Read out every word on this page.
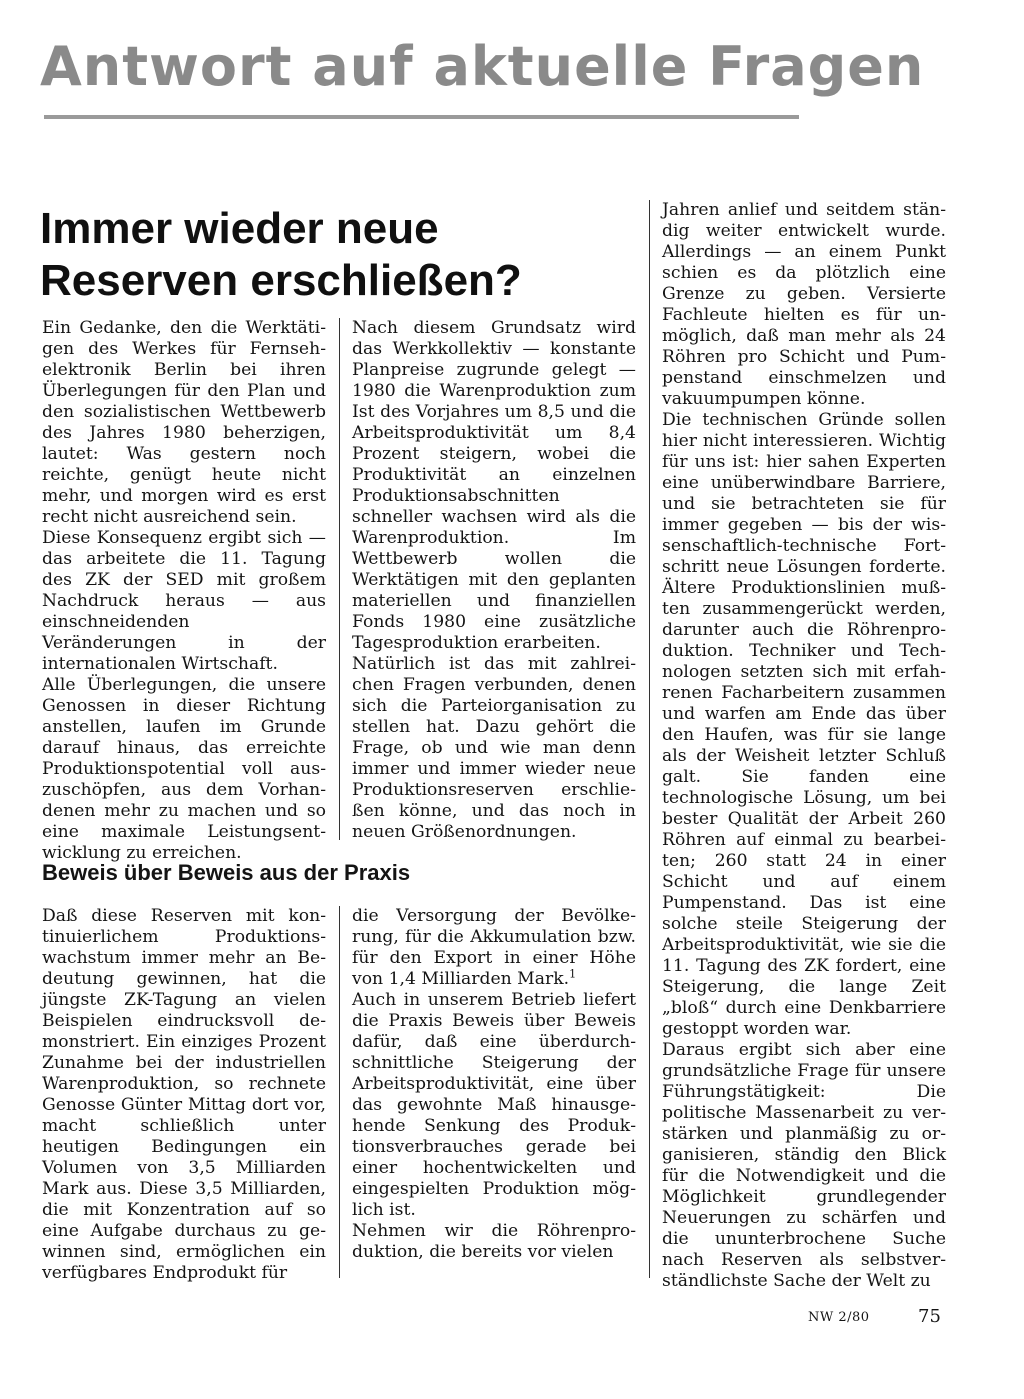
Antwort auf aktuelle Fragen
Immer wieder neue
Reserven erschließen?

Ein Gedanke, den die Werktätigen des Werkes für Fernsehelektronik Berlin bei ihren Überlegungen für den Plan und den sozialistischen Wettbewerb des Jahres 1980 beherzigen, lautet: Was gestern noch reichte, genügt heute nicht mehr, und morgen wird es erst recht nicht ausreichend sein.

Diese Konsequenz ergibt sich — das arbeitete die 11. Tagung des ZK der SED mit großem Nachdruck heraus — aus einschneidenden Veränderungen in der internationalen Wirtschaft.

Alle Überlegungen, die unsere Genossen in dieser Richtung anstellen, laufen im Grunde darauf hinaus, das erreichte Produktionspotential voll auszuschöpfen, aus dem Vorhandenen mehr zu machen und so eine maximale Leistungsentwicklung zu erreichen.

Nach diesem Grundsatz wird das Werkkollektiv — konstante Planpreise zugrunde gelegt — 1980 die Warenproduktion zum Ist des Vorjahres um 8,5 und die Arbeitsproduktivität um 8,4 Prozent steigern, wobei die Produktivität an einzelnen Produktionsabschnitten schneller wachsen wird als die Warenproduktion. Im Wettbewerb wollen die Werktätigen mit den geplanten materiellen und finanziellen Fonds 1980 eine zusätzliche Tagesproduktion erarbeiten.

Natürlich ist das mit zahlreichen Fragen verbunden, denen sich die Parteiorganisation zu stellen hat. Dazu gehört die Frage, ob und wie man denn immer und immer wieder neue Produktionsreserven erschließen könne, und das noch in neuen Größenordnungen.

Beweis über Beweis aus der Praxis

Daß diese Reserven mit kontinuierlichem Produktionswachstum immer mehr an Bedeutung gewinnen, hat die jüngste ZK-Tagung an vielen Beispielen eindrucksvoll demonstriert. Ein einziges Prozent Zunahme bei der industriellen Warenproduktion, so rechnete Genosse Günter Mittag dort vor, macht schließlich unter heutigen Bedingungen ein Volumen von 3,5 Milliarden Mark aus. Diese 3,5 Milliarden, die mit Konzentration auf so eine Aufgabe durchaus zu gewinnen sind, ermöglichen ein verfügbares Endprodukt für

die Versorgung der Bevölkerung, für die Akkumulation bzw. für den Export in einer Höhe von 1,4 Milliarden Mark.$^1$

Auch in unserem Betrieb liefert die Praxis Beweis über Beweis dafür, daß eine überdurchschnittliche Steigerung der Arbeitsproduktivität, eine über das gewohnte Maß hinausgehende Senkung des Produktionsverbrauches gerade bei einer hochentwickelten und eingespielten Produktion möglich ist.

Nehmen wir die Röhrenproduktion, die bereits vor vielen

Jahren anlief und seitdem ständig weiter entwickelt wurde. Allerdings — an einem Punkt schien es da plötzlich eine Grenze zu geben. Versierte Fachleute hielten es für unmöglich, daß man mehr als 24 Röhren pro Schicht und Pumpenstand einschmelzen und vakuumpumpen könne.

Die technischen Gründe sollen hier nicht interessieren. Wichtig für uns ist: hier sahen Experten eine unüberwindbare Barriere, und sie betrachteten sie für immer gegeben — bis der wissenschaftlich-technische Fortschritt neue Lösungen forderte. Ältere Produktionslinien mußten zusammengerückt werden, darunter auch die Röhrenproduktion. Techniker und Technologen setzten sich mit erfahrenen Facharbeitern zusammen und warfen am Ende das über den Haufen, was für sie lange als der Weisheit letzter Schluß galt. Sie fanden eine technologische Lösung, um bei bester Qualität der Arbeit 260 Röhren auf einmal zu bearbeiten; 260 statt 24 in einer Schicht und auf einem Pumpenstand. Das ist eine solche steile Steigerung der Arbeitsproduktivität, wie sie die 11. Tagung des ZK fordert, eine Steigerung, die lange Zeit „bloß“ durch eine Denkbarriere gestoppt worden war.

Daraus ergibt sich aber eine grundsätzliche Frage für unsere Führungstätigkeit: Die politische Massenarbeit zu verstärken und planmäßig zu organisieren, ständig den Blick für die Notwendigkeit und die Möglichkeit grundlegender Neuerungen zu schärfen und die ununterbrochene Suche nach Reserven als selbstverständlichste Sache der Welt zu

NW 2/80	75
